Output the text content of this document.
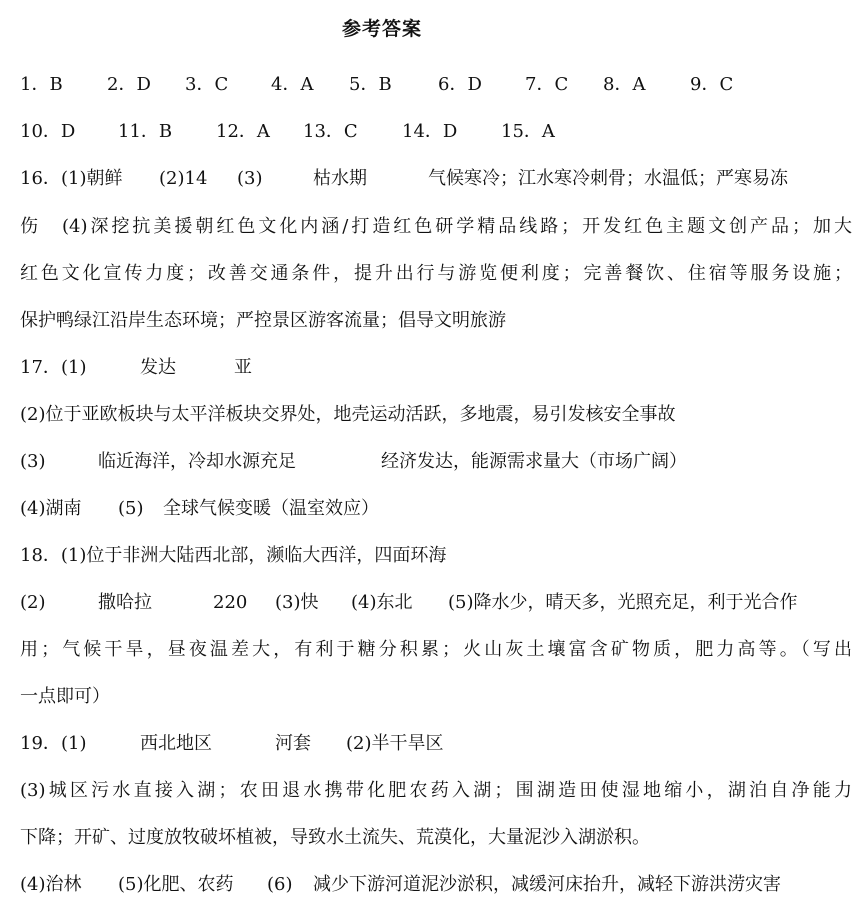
参考答案
1．B 2．D 3．C 4．A 5．B	6．D 7．C 8．A 9．C
10．D 11．B 12．A 13．C 14．D 15．A
16． (1)朝鲜 (2)14 (3)	枯水期	气候寒冷；江水寒冷刺骨；水温低；严寒易冻
伤　(4)深挖抗美援朝红色文化内涵/打造红色研学精品线路；开发红色主题文创产品；加大
红色文化宣传力度；改善交通条件，提升出行与游览便利度；完善餐饮、住宿等服务设施；
保护鸭绿江沿岸生态环境；严控景区游客流量；倡导文明旅游
17． (1)	发达	亚
(2)位于亚欧板块与太平洋板块交界处，地壳运动活跃，多地震，易引发核安全事故
(3)	临近海洋，冷却水源充足	经济发达，能源需求量大（市场广阔）
(4)湖南 (5) 全球气候变暖（温室效应）
18．(1)位于非洲大陆西北部，濒临大西洋，四面环海
(2)	撒哈拉	220 (3)快 (4)东北 (5)降水少，晴天多，光照充足，利于光合作
用；气候干旱，昼夜温差大，有利于糖分积累；火山灰土壤富含矿物质，肥力高等。（写出
一点即可）
19． (1)	西北地区	河套 (2)半干旱区
(3)城区污水直接入湖；农田退水携带化肥农药入湖；围湖造田使湿地缩小，湖泊自净能力
下降；开矿、过度放牧破坏植被，导致水土流失、荒漠化，大量泥沙入湖淤积。
(4)治林 (5)化肥、农药 (6) 减少下游河道泥沙淤积，减缓河床抬升，减轻下游洪涝灾害
